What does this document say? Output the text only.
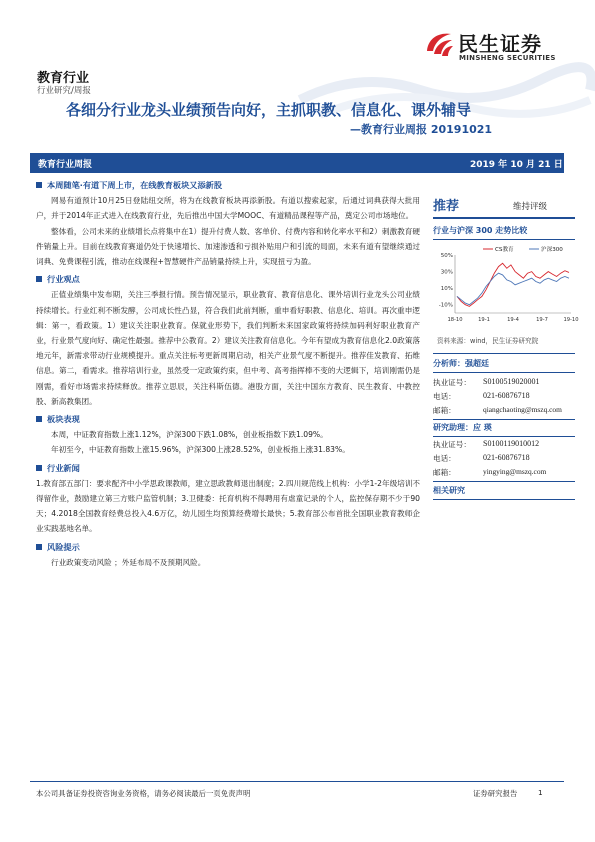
民生证券
MINSHENG SECURITIES
教育行业
行业研究/周报
各细分行业龙头业绩预告向好，主抓职教、信息化、课外辅导
—教育行业周报 20191021
教育行业周报	2019 年 10 月 21 日
本周随笔·有道下周上市，在线教育板块又添新股

网易有道预计10月25日登陆纽交所，将为在线教育板块再添新股。有道以搜索起家，后通过词典获得大批用户，并于2014年正式进入在线教育行业，先后推出中国大学MOOC、有道精品课程等产品，奠定公司市场地位。

整体看，公司未来的业绩增长点将集中在1）提升付费人数、客单价、付费内容和转化率水平和2）刺激教育硬件销量上升。目前在线教育赛道仍处于快速增长、加速渗透和亏损补贴用户和引流的局面，未来有道有望继续通过词典、免费课程引流，推动在线课程+智慧硬件产品销量持续上升，实现扭亏为盈。

行业观点

正值业绩集中发布期，关注三季报行情。预告情况显示，职业教育、教育信息化、课外培训行业龙头公司业绩持续增长。行业红利不断发酵，公司成长性凸显，符合我们此前判断，重申看好职教、信息化、培训。再次重申逻辑：第一，看政策。1）建议关注职业教育。保就业形势下，我们判断未来国家政策将持续加码利好职业教育产业，行业景气度向好、确定性最强。推荐中公教育。2）建议关注教育信息化。今年有望成为教育信息化2.0政策落地元年，新需求带动行业规模提升。重点关注标考更新周期启动，相关产业景气度不断提升。推荐佳发教育、拓维信息。第二，看需求。推荐培训行业，虽然受一定政策约束，但中考、高考指挥棒不变的大逻辑下，培训刚需仍是刚需，看好市场需求持续释放。推荐立思辰，关注科斯伍德。港股方面，关注中国东方教育、民生教育、中教控股、新高教集团。

板块表现

本周，中证教育指数上涨1.12%，沪深300下跌1.08%，创业板指数下跌1.09%。

年初至今，中证教育指数上涨15.96%，沪深300上涨28.52%，创业板指上涨31.83%。

行业新闻

1.教育部五部门：要求配齐中小学思政课教师，建立思政教师退出制度；2.四川规范线上机构：小学1-2年级培训不得留作业，鼓励建立第三方账户监管机制；3.卫健委：托育机构不得聘用有虐童记录的个人，监控保存期不少于90天；4.2018全国教育经费总投入4.6万亿，幼儿园生均预算经费增长最快；5.教育部公布首批全国职业教育教师企业实践基地名单。

风险提示

行业政策变动风险 ；外延布局不及预期风险。

推荐	维持评级
行业与沪深 300 走势比较
50%
30%
10%
-10%
18-10	19-1	19-4	19-7	19-10
CS教育	沪深300
资料来源：wind，民生证券研究院
分析师：强超廷
执业证号： S0100519020001
电话：	021-60876718
邮箱：	qiangchaoting@mszq.com
研究助理：应 瑛
执业证号： S0100119010012
电话：	021-60876718
邮箱：	yingying@mszq.com
相关研究
本公司具备证券投资咨询业务资格，请务必阅读最后一页免责声明	证券研究报告	1
